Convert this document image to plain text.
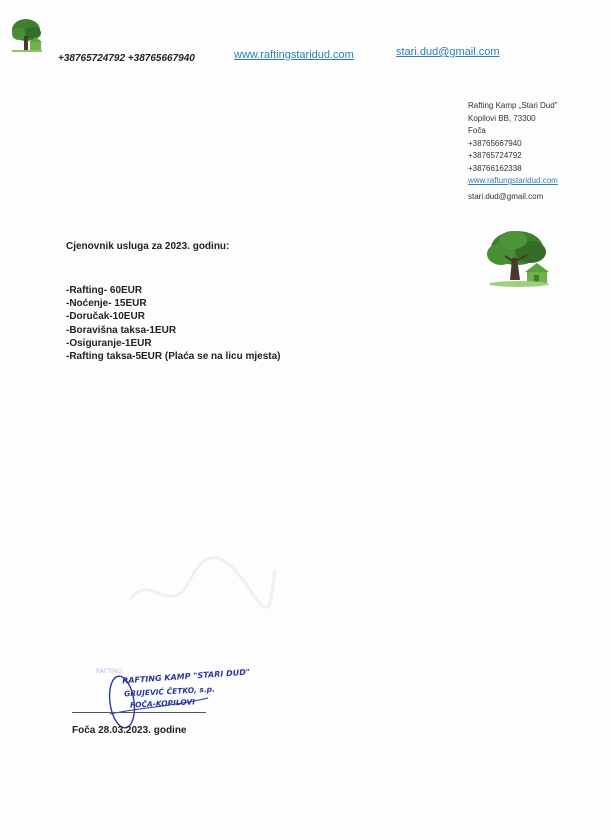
+38765724792 +38765667940	www.raftingstaridud.com	stari.dud@gmail.com
Rafting Kamp „Stari Dud"
Kopilovi BB, 73300
Foča
+38765667940
+38765724792
+38766162338
www.raftungstaridud.com
stari.dud@gmail.com
Cjenovnik usluga za 2023. godinu:
-Rafting- 60EUR
-Noćenje- 15EUR
-Doručak-10EUR
-Boravišna taksa-1EUR
-Osiguranje-1EUR
-Rafting taksa-5EUR (Plaća se na licu mjesta)
RAFTING RAFTING KAMP "STARI DUD"
GRUJEVIĆ ČETKO, s.p.
FOČA-KOPILOVI
Foča 28.03.2023. godine
